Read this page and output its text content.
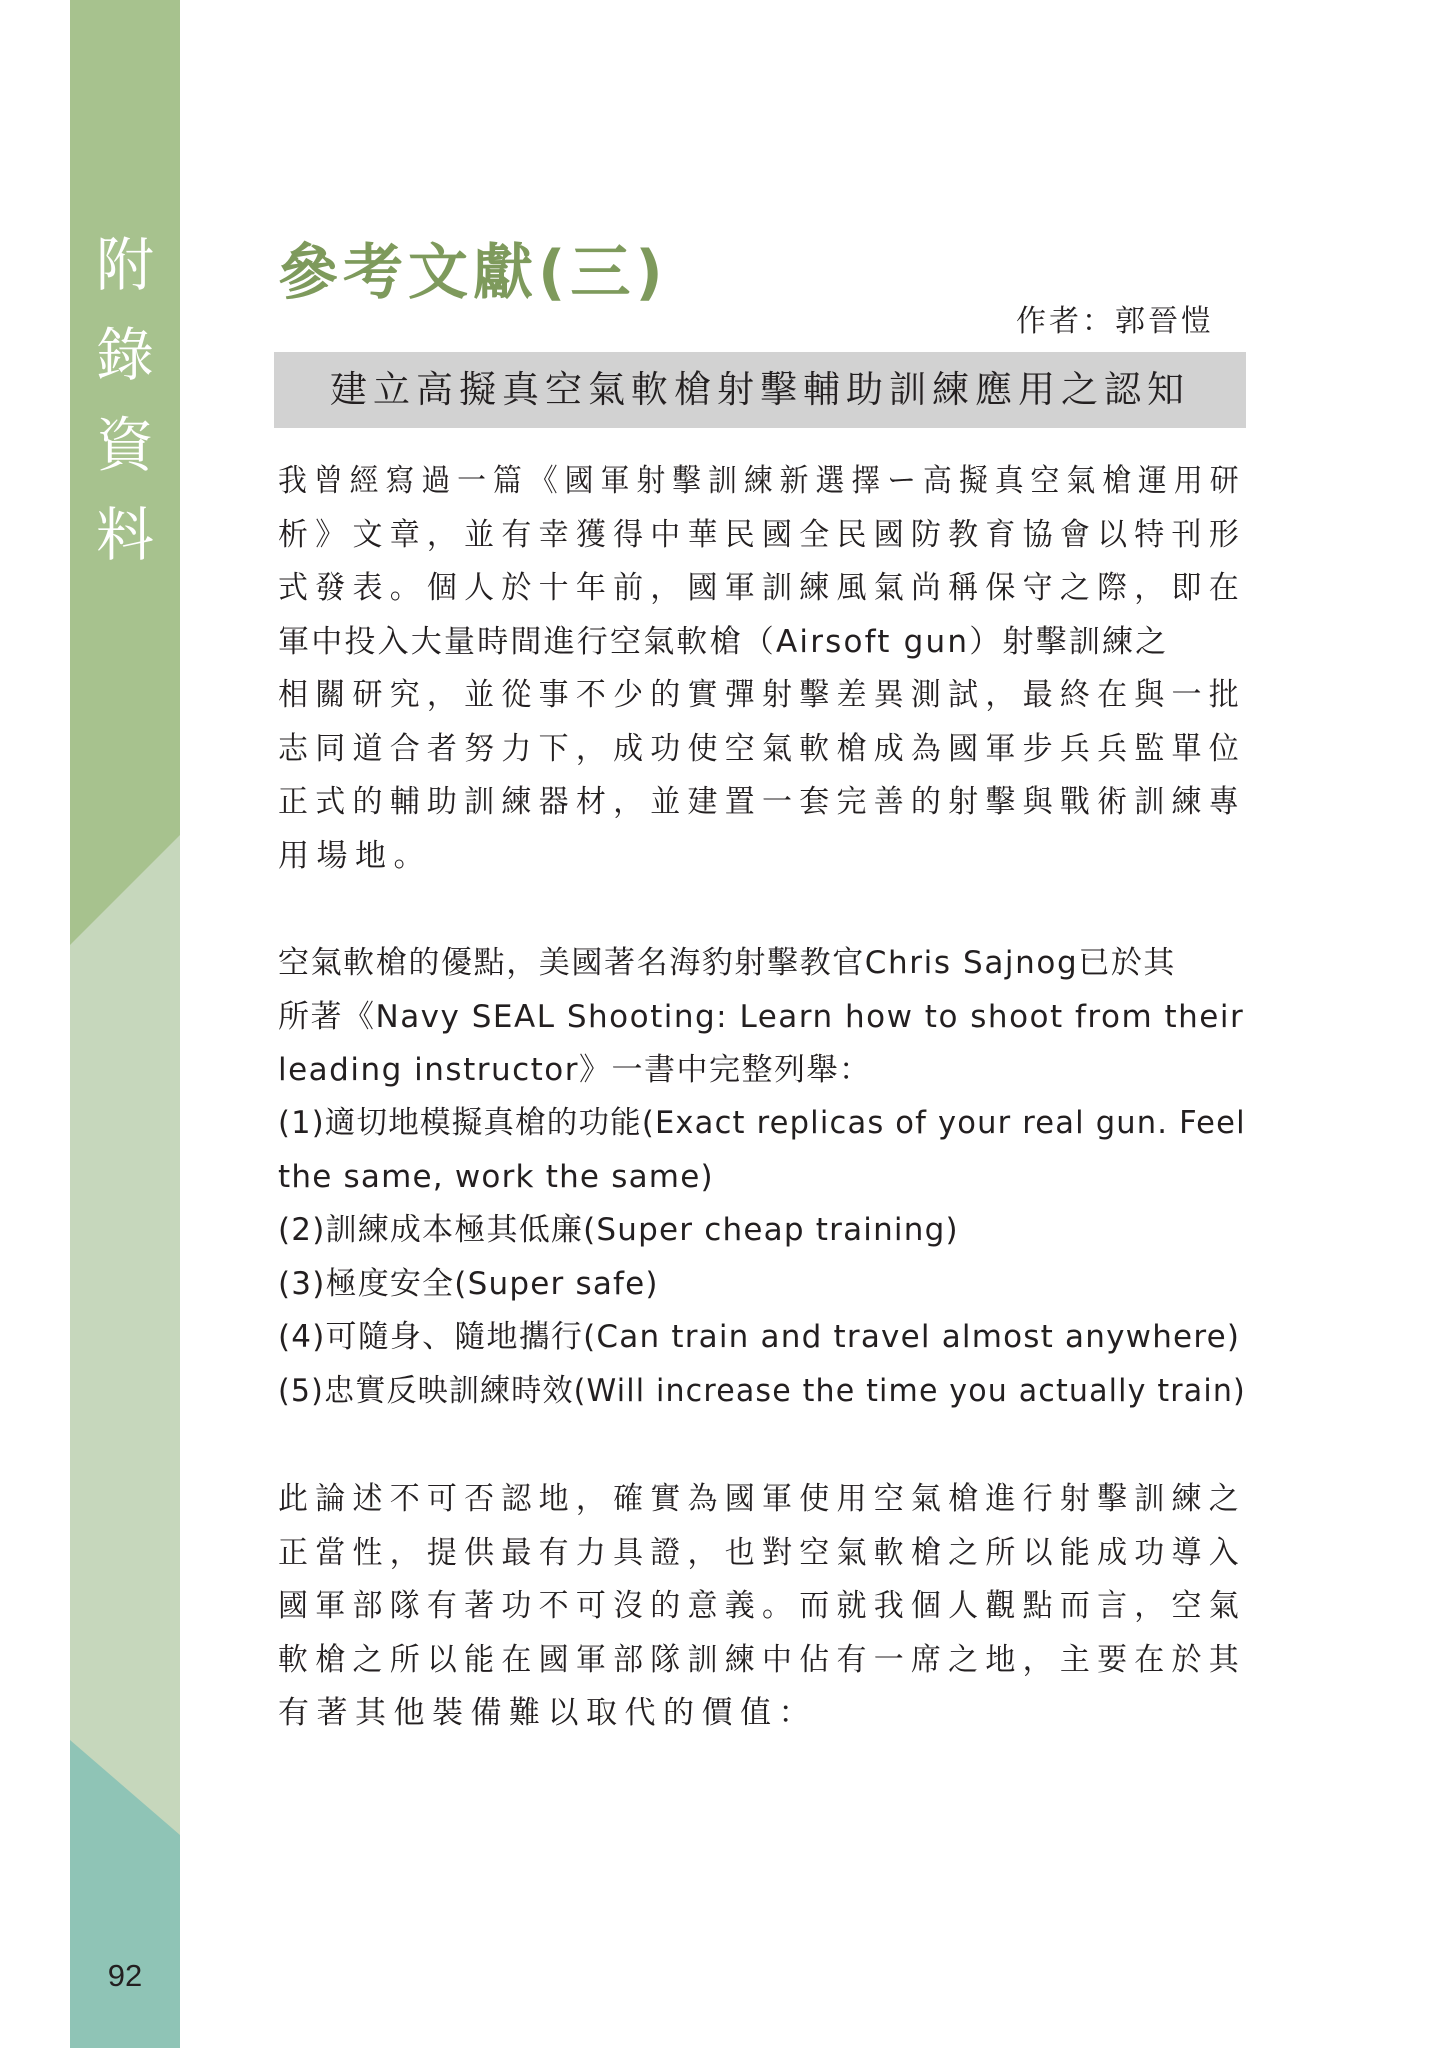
附
錄
資
料
92
參考文獻(三)
作者：郭晉愷
建立高擬真空氣軟槍射擊輔助訓練應用之認知
我曾經寫過一篇《國軍射擊訓練新選擇ー高擬真空氣槍運用研
析》文章，並有幸獲得中華民國全民國防教育協會以特刊形
式發表。個人於十年前，國軍訓練風氣尚稱保守之際，即在
軍中投入大量時間進行空氣軟槍（Airsoft gun）射擊訓練之
相關研究，並從事不少的實彈射擊差異測試，最終在與一批
志同道合者努力下，成功使空氣軟槍成為國軍步兵兵監單位
正式的輔助訓練器材，並建置一套完善的射擊與戰術訓練專
用場地。
空氣軟槍的優點，美國著名海豹射擊教官Chris Sajnog已於其
所著《Navy SEAL Shooting: Learn how to shoot from their
leading instructor》一書中完整列舉：
(1)適切地模擬真槍的功能(Exact replicas of your real gun. Feel
the same, work the same)
(2)訓練成本極其低廉(Super cheap training)
(3)極度安全(Super safe)
(4)可隨身、隨地攜行(Can train and travel almost anywhere)
(5)忠實反映訓練時效(Will increase the time you actually train)
此論述不可否認地，確實為國軍使用空氣槍進行射擊訓練之
正當性，提供最有力具證，也對空氣軟槍之所以能成功導入
國軍部隊有著功不可沒的意義。而就我個人觀點而言，空氣
軟槍之所以能在國軍部隊訓練中佔有一席之地，主要在於其
有著其他裝備難以取代的價值：
